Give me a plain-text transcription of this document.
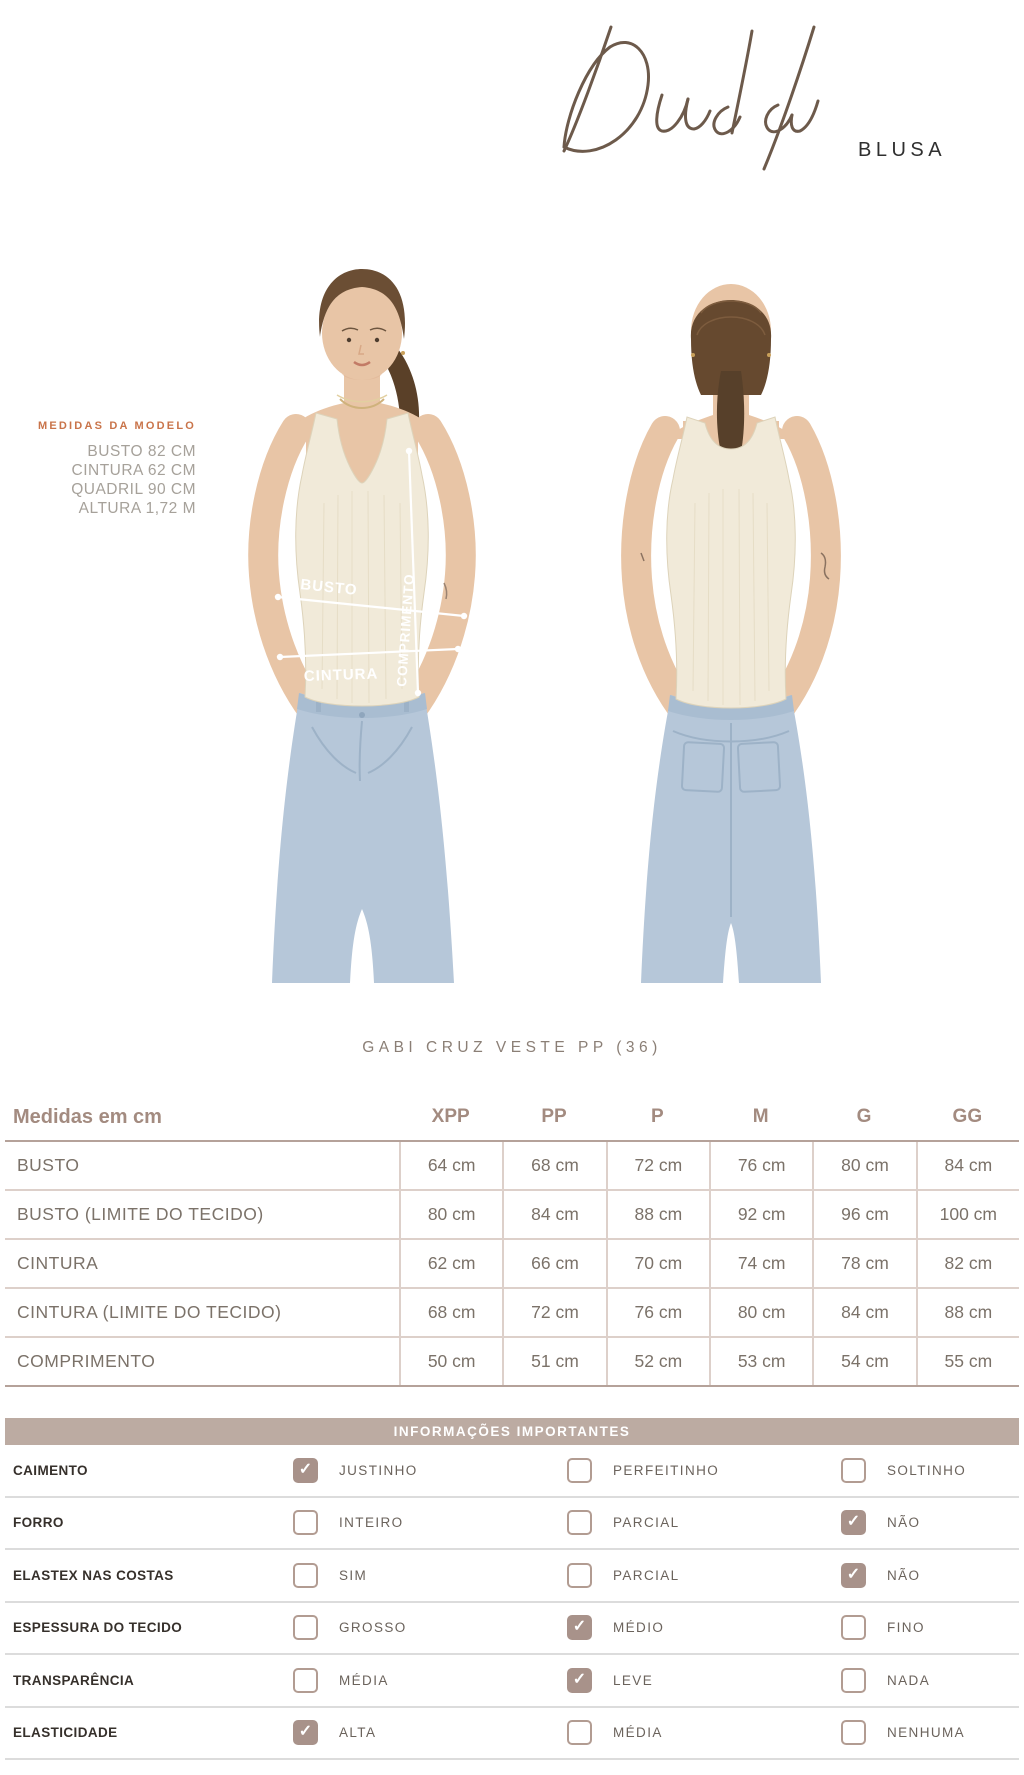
BLUSA
MEDIDAS DA MODELO
BUSTO 82 CM
CINTURA 62 CM
QUADRIL 90 CM
ALTURA 1,72 M
BUSTO
CINTURA COMPRIMENTO
GABI CRUZ VESTE PP (36)
Medidas em cm	XPP	PP	P	M	G	GG
BUSTO	64 cm	68 cm	72 cm	76 cm	80 cm	84 cm
BUSTO (LIMITE DO TECIDO)	80 cm	84 cm	88 cm	92 cm	96 cm	100 cm
CINTURA	62 cm	66 cm	70 cm	74 cm	78 cm	82 cm
CINTURA (LIMITE DO TECIDO)	68 cm	72 cm	76 cm	80 cm	84 cm	88 cm
COMPRIMENTO	50 cm	51 cm	52 cm	53 cm	54 cm	55 cm
INFORMAÇÕES IMPORTANTES
CAIMENTO	✓	JUSTINHO	PERFEITINHO	SOLTINHO
FORRO	INTEIRO	PARCIAL	✓	NÃO
ELASTEX NAS COSTAS	SIM	PARCIAL	✓	NÃO
ESPESSURA DO TECIDO	GROSSO	✓	MÉDIO	FINO
TRANSPARÊNCIA	MÉDIA	✓	LEVE	NADA
ELASTICIDADE	✓	ALTA	MÉDIA	NENHUMA
